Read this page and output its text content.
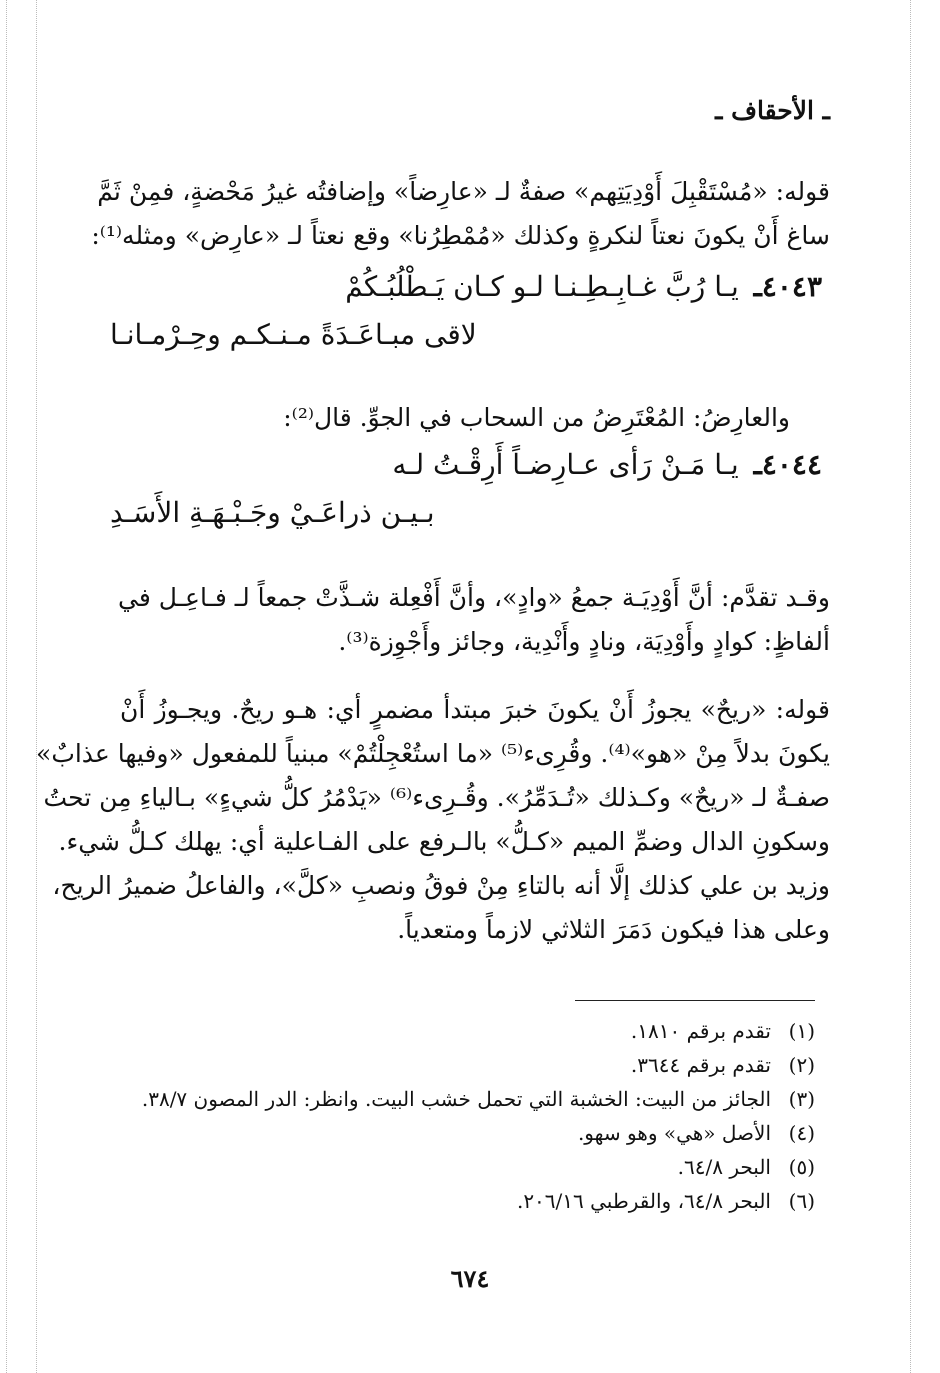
ـ الأحقاف ـ
قوله: «مُسْتَقْبِلَ أَوْدِيَتِهم» صفةٌ لـ «عارِضاً» وإضافتُه غيرُ مَحْضةٍ، فمِنْ ثَمَّ
ساغ أَنْ يكونَ نعتاً لنكرةٍ وكذلك «مُمْطِرُنا» وقع نعتاً لـ «عارِض» ومثله⁽¹⁾:
٤٠٤٣ـ يـا رُبَّ غـابِـطِـنـا لـو كـان يَـطْلُبُـكُمْ
لاقى مبـاعَـدَةً مـنـكـم وحِـرْمـانـا
والعارِضُ: المُعْتَرِضُ من السحاب في الجوِّ. قال⁽²⁾:
٤٠٤٤ـ يـا مَـنْ رَأى عـارِضـاً أَرِقْـتُ لـه
بـيـن ذراعَـيْ وجَـبْـهَـةِ الأَسَـدِ
وقـد تقدَّم: أنَّ أَوْدِيَـة جمعُ «وادٍ»، وأنَّ أَفْعِلة شـذَّتْ جمعاً لـ فـاعِـل في
ألفاظٍ: كوادٍ وأَوْدِيَة، ونادٍ وأَنْدِية، وجائز وأَجْوِزة⁽³⁾.
قوله: «ريحٌ» يجوزُ أَنْ يكونَ خبرَ مبتدأ مضمرٍ أي: هـو ريحٌ. ويجـوزُ أَنْ
يكونَ بدلاً مِنْ «هو»⁽⁴⁾. وقُرِىء⁽⁵⁾ «ما استُعْجِلْتُمْ» مبنياً للمفعول «وفيها عذابٌ»
صفـةٌ لـ «ريحٌ» وكـذلك «تُـدَمِّرُ». وقُـرِىء⁽⁶⁾ «يَدْمُرُ كلُّ شيءٍ» بـالياءِ مِن تحتُ
وسكونِ الدال وضمِّ الميم «كـلُّ» بالـرفع على الفـاعلية أي: يهلك كـلُّ شيء.
وزيد بن علي كذلك إلَّا أنه بالتاءِ مِنْ فوقُ ونصبِ «كلَّ»، والفاعلُ ضميرُ الريح،
وعلى هذا فيكون دَمَرَ الثلاثي لازماً ومتعدياً.
(١)تقدم برقم ١٨١٠.
(٢)تقدم برقم ٣٦٤٤.
(٣)الجائز من البيت: الخشبة التي تحمل خشب البيت. وانظر: الدر المصون ٣٨/٧.
(٤)الأصل «هي» وهو سهو.
(٥)البحر ٦٤/٨.
(٦)البحر ٦٤/٨، والقرطبي ٢٠٦/١٦.
٦٧٤
